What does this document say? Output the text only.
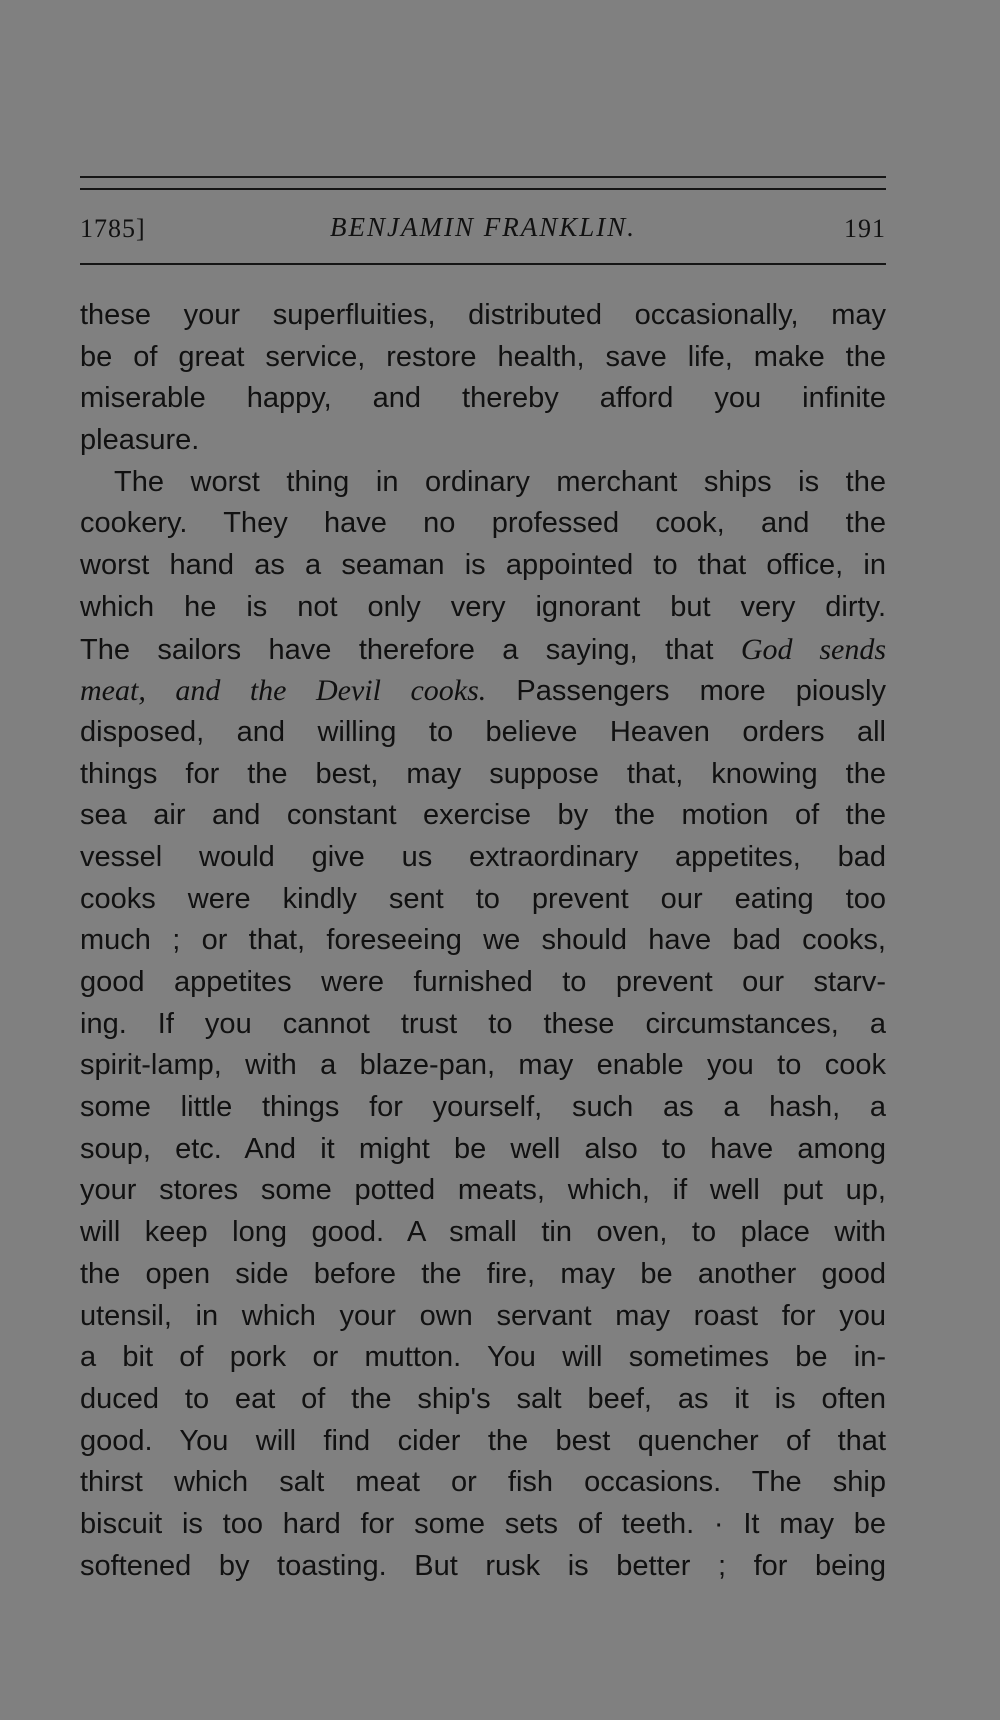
1785]	BENJAMIN FRANKLIN.	191
these your superfluities, distributed occasionally, may
be of great service, restore health, save life, make the
miserable happy, and thereby afford you infinite
pleasure.
The worst thing in ordinary merchant ships is the
cookery. They have no professed cook, and the
worst hand as a seaman is appointed to that office, in
which he is not only very ignorant but very dirty.
The sailors have therefore a saying, that God sends
meat, and the Devil cooks. Passengers more piously
disposed, and willing to believe Heaven orders all
things for the best, may suppose that, knowing the
sea air and constant exercise by the motion of the
vessel would give us extraordinary appetites, bad
cooks were kindly sent to prevent our eating too
much ; or that, foreseeing we should have bad cooks,
good appetites were furnished to prevent our starv-
ing. If you cannot trust to these circumstances, a
spirit-lamp, with a blaze-pan, may enable you to cook
some little things for yourself, such as a hash, a
soup, etc. And it might be well also to have among
your stores some potted meats, which, if well put up,
will keep long good. A small tin oven, to place with
the open side before the fire, may be another good
utensil, in which your own servant may roast for you
a bit of pork or mutton. You will sometimes be in-
duced to eat of the ship's salt beef, as it is often
good. You will find cider the best quencher of that
thirst which salt meat or fish occasions. The ship
biscuit is too hard for some sets of teeth. · It may be
softened by toasting. But rusk is better ; for being
